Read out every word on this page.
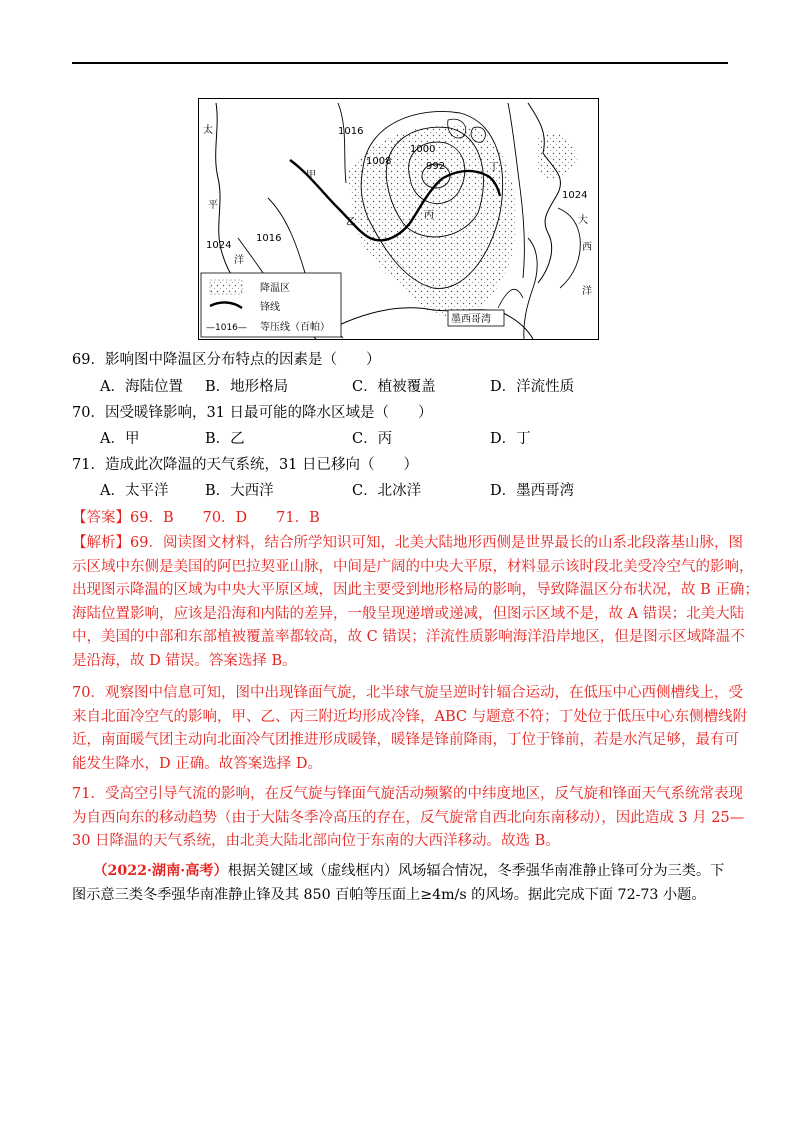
太
平
洋
大
西
洋
甲
乙
丙
丁
1016
1008
1000
992
1024
1016
1024
墨西哥湾
降温区
锋线
—1016— 等压线（百帕）
69．影响图中降温区分布特点的因素是（　　）
A．海陆位置 B．地形格局	C．植被覆盖	D．洋流性质
70．因受暖锋影响，31 日最可能的降水区域是（　　）
A．甲	B．乙	C．丙	D．丁
71．造成此次降温的天气系统，31 日已移向（　　）
A．太平洋	B．大西洋	C．北冰洋	D．墨西哥湾
【答案】69．B　　70．D　　71．B
【解析】69．阅读图文材料，结合所学知识可知，北美大陆地形西侧是世界最长的山系北段落基山脉，图
示区域中东侧是美国的阿巴拉契亚山脉，中间是广阔的中央大平原，材料显示该时段北美受冷空气的影响，
出现图示降温的区域为中央大平原区域，因此主要受到地形格局的影响，导致降温区分布状况，故 B 正确；
海陆位置影响，应该是沿海和内陆的差异，一般呈现递增或递减，但图示区域不是，故 A 错误；北美大陆
中，美国的中部和东部植被覆盖率都较高，故 C 错误；洋流性质影响海洋沿岸地区，但是图示区域降温不
是沿海，故 D 错误。答案选择 B。
70．观察图中信息可知，图中出现锋面气旋，北半球气旋呈逆时针辐合运动，在低压中心西侧槽线上，受
来自北面冷空气的影响，甲、乙、丙三附近均形成冷锋，ABC 与题意不符；丁处位于低压中心东侧槽线附
近，南面暖气团主动向北面冷气团推进形成暖锋，暖锋是锋前降雨，丁位于锋前，若是水汽足够，最有可
能发生降水，D 正确。故答案选择 D。
71．受高空引导气流的影响，在反气旋与锋面气旋活动频繁的中纬度地区，反气旋和锋面天气系统常表现
为自西向东的移动趋势（由于大陆冬季冷高压的存在，反气旋常自西北向东南移动），因此造成 3 月 25—
30 日降温的天气系统，由北美大陆北部向位于东南的大西洋移动。故选 B。
　　（2022·湖南·高考）根据关键区域（虚线框内）风场辐合情况，冬季强华南准静止锋可分为三类。下
图示意三类冬季强华南准静止锋及其 850 百帕等压面上≥4m/s 的风场。据此完成下面 72-73 小题。
